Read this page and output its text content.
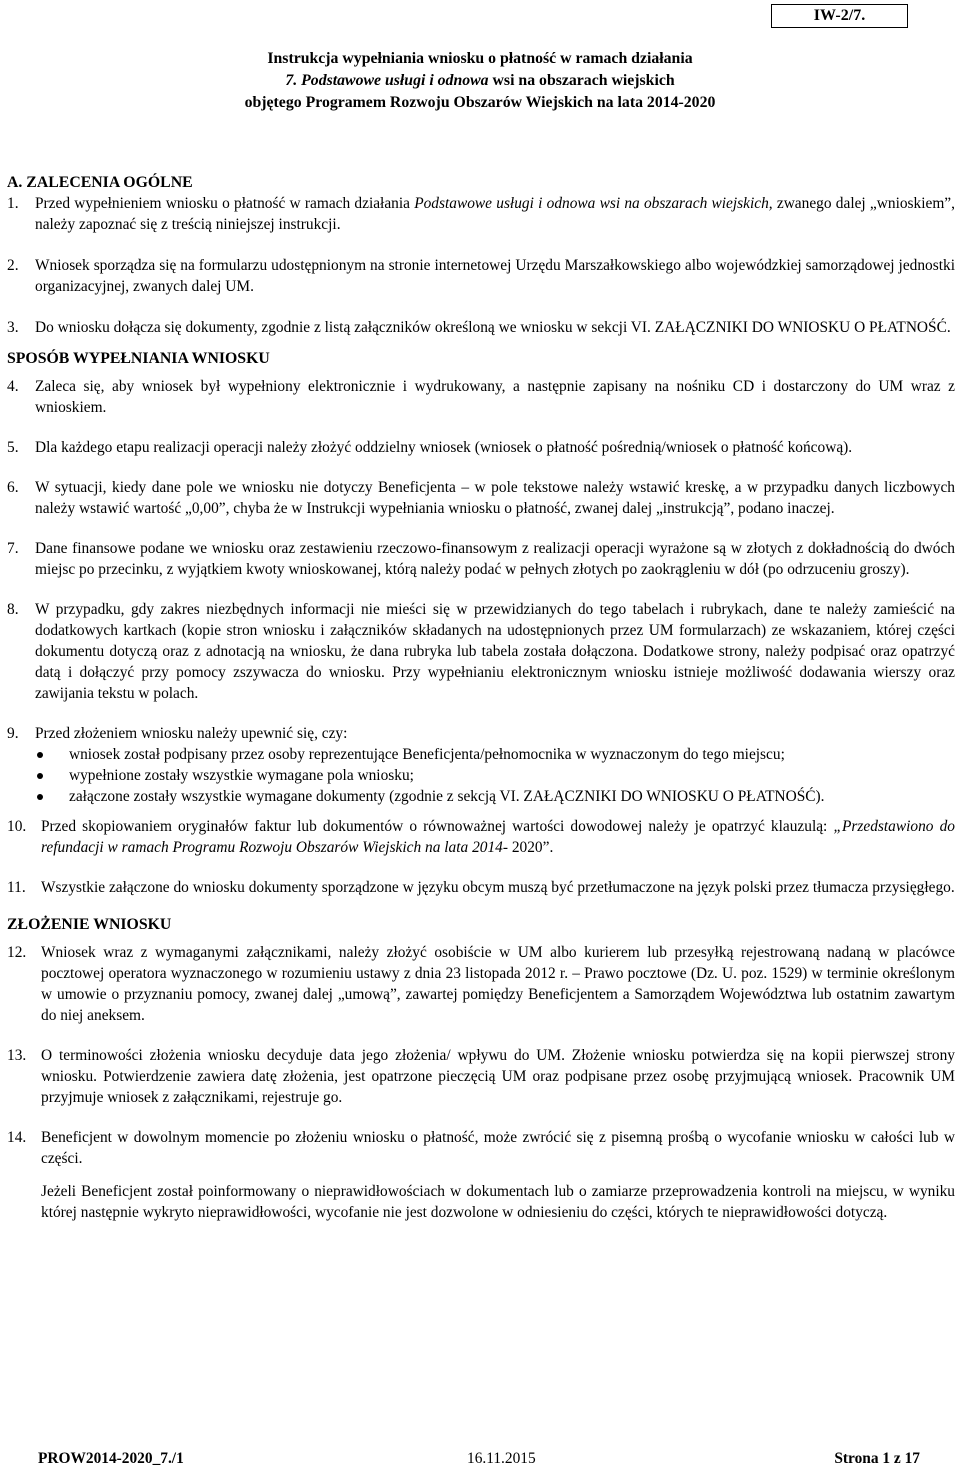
IW-2/7.
Instrukcja wypełniania wniosku o płatność w ramach działania
7. Podstawowe usługi i odnowa wsi na obszarach wiejskich
objętego Programem Rozwoju Obszarów Wiejskich na lata 2014-2020
A. ZALECENIA OGÓLNE
1. Przed wypełnieniem wniosku o płatność w ramach działania Podstawowe usługi i odnowa wsi na obszarach wiejskich, zwanego dalej „wnioskiem”, należy zapoznać się z treścią niniejszej instrukcji.
2. Wniosek sporządza się na formularzu udostępnionym na stronie internetowej Urzędu Marszałkowskiego albo wojewódzkiej samorządowej jednostki organizacyjnej, zwanych dalej UM.
3. Do wniosku dołącza się dokumenty, zgodnie z listą załączników określoną we wniosku w sekcji VI. ZAŁĄCZNIKI DO WNIOSKU O PŁATNOŚĆ.
SPOSÓB WYPEŁNIANIA WNIOSKU
4. Zaleca się, aby wniosek był wypełniony elektronicznie i wydrukowany, a następnie zapisany na nośniku CD i dostarczony do UM wraz z wnioskiem.
5. Dla każdego etapu realizacji operacji należy złożyć oddzielny wniosek (wniosek o płatność pośrednią/wniosek o płatność końcową).
6. W sytuacji, kiedy dane pole we wniosku nie dotyczy Beneficjenta – w pole tekstowe należy wstawić kreskę, a w przypadku danych liczbowych należy wstawić wartość „0,00”, chyba że w Instrukcji wypełniania wniosku o płatność, zwanej dalej „instrukcją”, podano inaczej.
7. Dane finansowe podane we wniosku oraz zestawieniu rzeczowo-finansowym z realizacji operacji wyrażone są w złotych z dokładnością do dwóch miejsc po przecinku, z wyjątkiem kwoty wnioskowanej, którą należy podać w pełnych złotych po zaokrągleniu w dół (po odrzuceniu groszy).
8. W przypadku, gdy zakres niezbędnych informacji nie mieści się w przewidzianych do tego tabelach i rubrykach, dane te należy zamieścić na dodatkowych kartkach (kopie stron wniosku i załączników składanych na udostępnionych przez UM formularzach) ze wskazaniem, której części dokumentu dotyczą oraz z adnotacją na wniosku, że dana rubryka lub tabela została dołączona. Dodatkowe strony, należy podpisać oraz opatrzyć datą i dołączyć przy pomocy zszywacza do wniosku. Przy wypełnianiu elektronicznym wniosku istnieje możliwość dodawania wierszy oraz zawijania tekstu w polach.
9. Przed złożeniem wniosku należy upewnić się, czy:
wniosek został podpisany przez osoby reprezentujące Beneficjenta/pełnomocnika w wyznaczonym do tego miejscu;
wypełnione zostały wszystkie wymagane pola wniosku;
załączone zostały wszystkie wymagane dokumenty (zgodnie z sekcją VI. ZAŁĄCZNIKI DO WNIOSKU O PŁATNOŚĆ).
10. Przed skopiowaniem oryginałów faktur lub dokumentów o równoważnej wartości dowodowej należy je opatrzyć klauzulą: „Przedstawiono do refundacji w ramach Programu Rozwoju Obszarów Wiejskich na lata 2014- 2020”.
11. Wszystkie załączone do wniosku dokumenty sporządzone w języku obcym muszą być przetłumaczone na język polski przez tłumacza przysięgłego.
ZŁOŻENIE WNIOSKU
12. Wniosek wraz z wymaganymi załącznikami, należy złożyć osobiście w UM albo kurierem lub przesyłką rejestrowaną nadaną w placówce pocztowej operatora wyznaczonego w rozumieniu ustawy z dnia 23 listopada 2012 r. – Prawo pocztowe (Dz. U. poz. 1529) w terminie określonym w umowie o przyznaniu pomocy, zwanej dalej „umową”, zawartej pomiędzy Beneficjentem a Samorządem Województwa lub ostatnim zawartym do niej aneksem.
13. O terminowości złożenia wniosku decyduje data jego złożenia/ wpływu do UM. Złożenie wniosku potwierdza się na kopii pierwszej strony wniosku. Potwierdzenie zawiera datę złożenia, jest opatrzone pieczęcią UM oraz podpisane przez osobę przyjmującą wniosek. Pracownik UM przyjmuje wniosek z załącznikami, rejestruje go.
14. Beneficjent w dowolnym momencie po złożeniu wniosku o płatność, może zwrócić się z pisemną prośbą o wycofanie wniosku w całości lub w części.
Jeżeli Beneficjent został poinformowany o nieprawidłowościach w dokumentach lub o zamiarze przeprowadzenia kontroli na miejscu, w wyniku której następnie wykryto nieprawidłowości, wycofanie nie jest dozwolone w odniesieniu do części, których te nieprawidłowości dotyczą.
PROW2014-2020_7./1	16.11.2015	Strona 1 z 17
